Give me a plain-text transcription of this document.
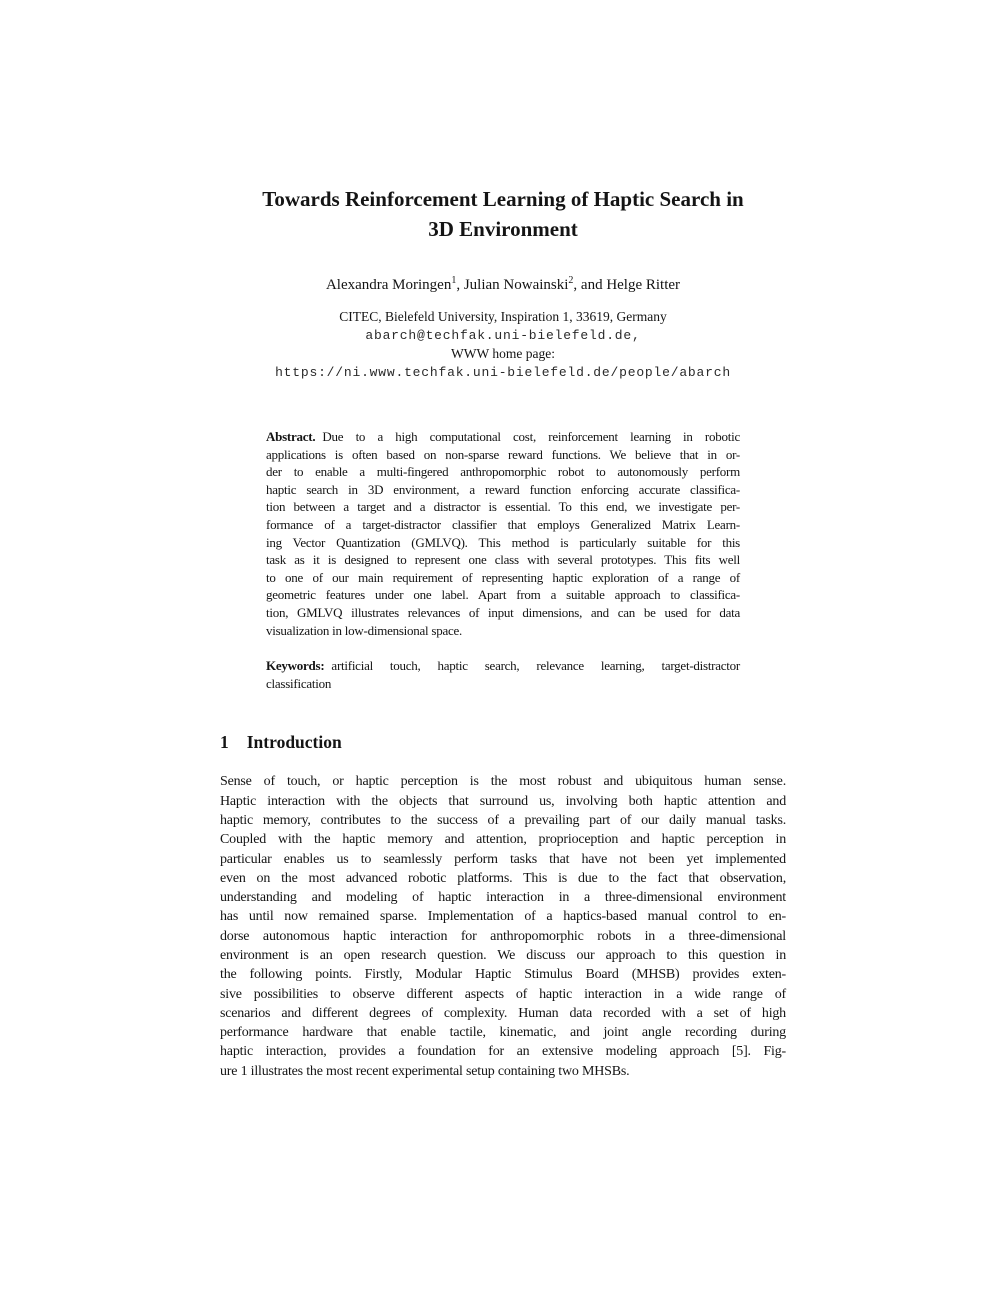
Towards Reinforcement Learning of Haptic Search in
3D Environment
Alexandra Moringen$^1$, Julian Nowainski$^2$, and Helge Ritter
CITEC, Bielefeld University, Inspiration 1, 33619, Germany
abarch@techfak.uni-bielefeld.de,
WWW home page:
https://ni.www.techfak.uni-bielefeld.de/people/abarch
Abstract. Due to a high computational cost, reinforcement learning in robotic
applications is often based on non-sparse reward functions. We believe that in or-
der to enable a multi-fingered anthropomorphic robot to autonomously perform
haptic search in 3D environment, a reward function enforcing accurate classifica-
tion between a target and a distractor is essential. To this end, we investigate per-
formance of a target-distractor classifier that employs Generalized Matrix Learn-
ing Vector Quantization (GMLVQ). This method is particularly suitable for this
task as it is designed to represent one class with several prototypes. This fits well
to one of our main requirement of representing haptic exploration of a range of
geometric features under one label. Apart from a suitable approach to classifica-
tion, GMLVQ illustrates relevances of input dimensions, and can be used for data
visualization in low-dimensional space.
Keywords: artificial touch, haptic search, relevance learning, target-distractor
classification
1 Introduction
Sense of touch, or haptic perception is the most robust and ubiquitous human sense.
Haptic interaction with the objects that surround us, involving both haptic attention and
haptic memory, contributes to the success of a prevailing part of our daily manual tasks.
Coupled with the haptic memory and attention, proprioception and haptic perception in
particular enables us to seamlessly perform tasks that have not been yet implemented
even on the most advanced robotic platforms. This is due to the fact that observation,
understanding and modeling of haptic interaction in a three-dimensional environment
has until now remained sparse. Implementation of a haptics-based manual control to en-
dorse autonomous haptic interaction for anthropomorphic robots in a three-dimensional
environment is an open research question. We discuss our approach to this question in
the following points. Firstly, Modular Haptic Stimulus Board (MHSB) provides exten-
sive possibilities to observe different aspects of haptic interaction in a wide range of
scenarios and different degrees of complexity. Human data recorded with a set of high
performance hardware that enable tactile, kinematic, and joint angle recording during
haptic interaction, provides a foundation for an extensive modeling approach [5]. Fig-
ure 1 illustrates the most recent experimental setup containing two MHSBs.
